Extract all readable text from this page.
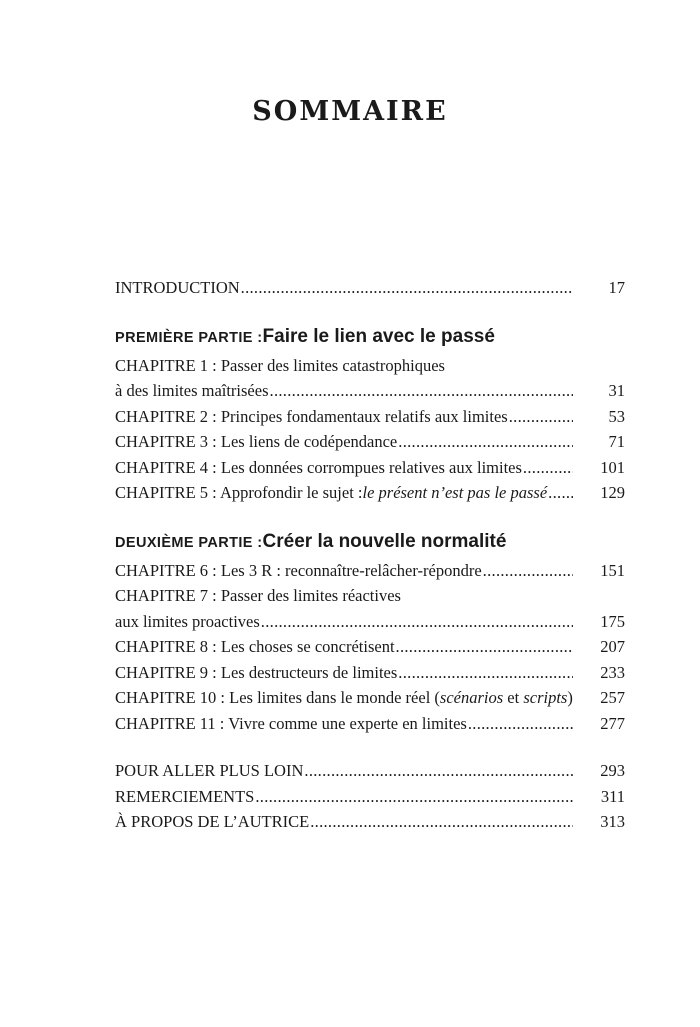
SOMMAIRE
INTRODUCTION .....	17
PREMIÈRE PARTIE : Faire le lien avec le passé
CHAPITRE 1 : Passer des limites catastrophiques
à des limites maîtrisées .....	31
CHAPITRE 2 : Principes fondamentaux relatifs aux limites .....	53
CHAPITRE 3 : Les liens de codépendance .....	71
CHAPITRE 4 : Les données corrompues relatives aux limites .....	101
CHAPITRE 5 : Approfondir le sujet : le présent n’est pas le passé .....	129
DEUXIÈME PARTIE : Créer la nouvelle normalité
CHAPITRE 6 : Les 3 R : reconnaître-relâcher-répondre .....	151
CHAPITRE 7 : Passer des limites réactives
aux limites proactives .....	175
CHAPITRE 8 : Les choses se concrétisent .....	207
CHAPITRE 9 : Les destructeurs de limites .....	233
CHAPITRE 10 : Les limites dans le monde réel ( scénarios et scripts )	257
CHAPITRE 11 : Vivre comme une experte en limites .....	277
POUR ALLER PLUS LOIN .....	293
REMERCIEMENTS .....	311
À PROPOS DE L’AUTRICE .....	313
